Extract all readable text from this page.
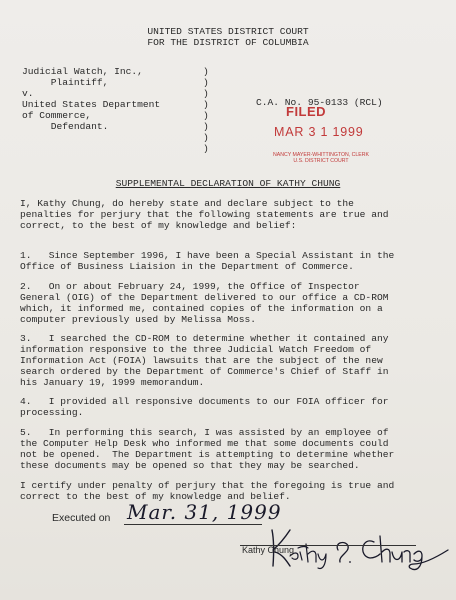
UNITED STATES DISTRICT COURT
FOR THE DISTRICT OF COLUMBIA
Judicial Watch, Inc.,
Plaintiff,
v.
United States Department
of Commerce,
Defendant.
)
)
)
)
)
)
)
)
C.A. No. 95-0133 (RCL)
FILED
MAR 3 1 1999
NANCY MAYER-WHITTINGTON, CLERK
U.S. DISTRICT COURT
SUPPLEMENTAL DECLARATION OF KATHY CHUNG
I, Kathy Chung, do hereby state and declare subject to the
penalties for perjury that the following statements are true and
correct, to the best of my knowledge and belief:
1.   Since September 1996, I have been a Special Assistant in the
Office of Business Liaision in the Department of Commerce.
2.   On or about February 24, 1999, the Office of Inspector
General (OIG) of the Department delivered to our office a CD-ROM
which, it informed me, contained copies of the information on a
computer previously used by Melissa Moss.
3.   I searched the CD-ROM to determine whether it contained any
information responsive to the three Judicial Watch Freedom of
Information Act (FOIA) lawsuits that are the subject of the new
search ordered by the Department of Commerce's Chief of Staff in
his January 19, 1999 memorandum.
4.   I provided all responsive documents to our FOIA officer for
processing.
5.   In performing this search, I was assisted by an employee of
the Computer Help Desk who informed me that some documents could
not be opened.  The Department is attempting to determine whether
these documents may be opened so that they may be searched.
I certify under penalty of perjury that the foregoing is true and
correct to the best of my knowledge and belief.
Executed on Mar. 31, 1999
Kathy Chung
